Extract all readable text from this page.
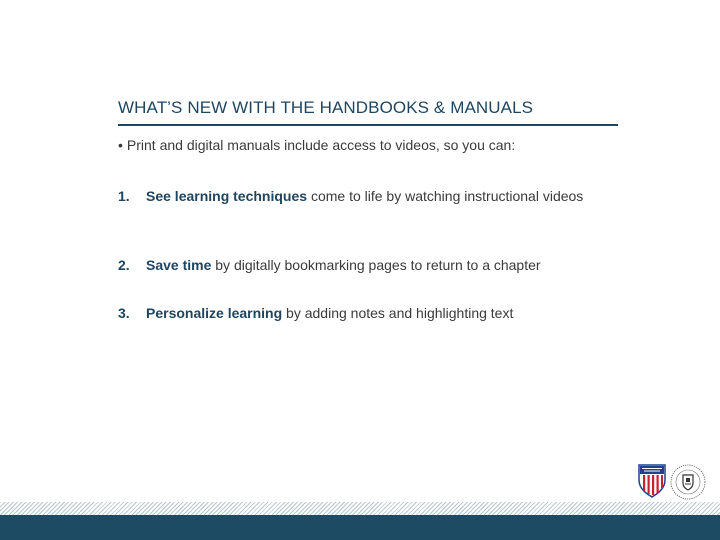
WHAT’S NEW WITH THE HANDBOOKS & MANUALS
• Print and digital manuals include access to videos, so you can:
1. See learning techniques come to life by watching instructional videos
2. Save time by digitally bookmarking pages to return to a chapter
3. Personalize learning by adding notes and highlighting text
